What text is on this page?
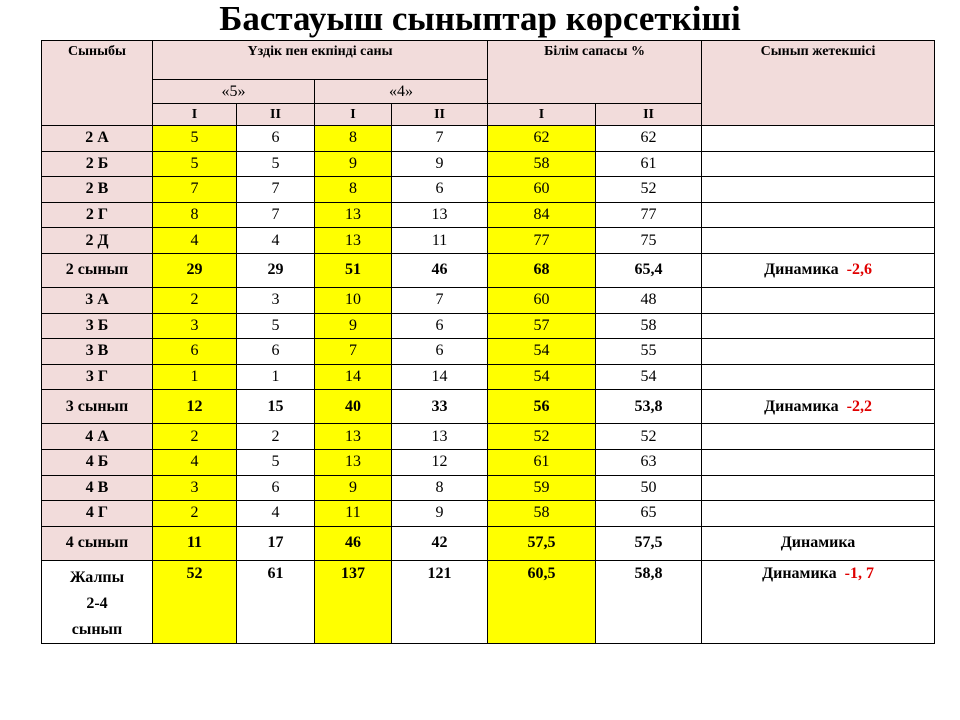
Бастауыш сыныптар көрсеткіші
Сыныбы	Үздік пен екпінді саны				Білім сапасы %		Сынып жетекшісі
	«5»		«4»				
	І	ІІ	І	ІІ	І	ІІ	
2 А	5	6	8	7	62	62	
2 Б	5	5	9	9	58	61	
2 В	7	7	8	6	60	52	
2 Г	8	7	13	13	84	77	
2 Д	4	4	13	11	77	75	
2 сынып	29	29	51	46	68	65,4	Динамика -2,6
3 А	2	3	10	7	60	48	
3 Б	3	5	9	6	57	58	
3 В	6	6	7	6	54	55	
3 Г	1	1	14	14	54	54	
3 сынып	12	15	40	33	56	53,8	Динамика -2,2
4 А	2	2	13	13	52	52	
4 Б	4	5	13	12	61	63	
4 В	3	6	9	8	59	50	
4 Г	2	4	11	9	58	65	
4 сынып	11	17	46	42	57,5	57,5	Динамика

Жалпы
2-4
сынып	52	61	137	121	60,5	58,8	Динамика -1, 7
